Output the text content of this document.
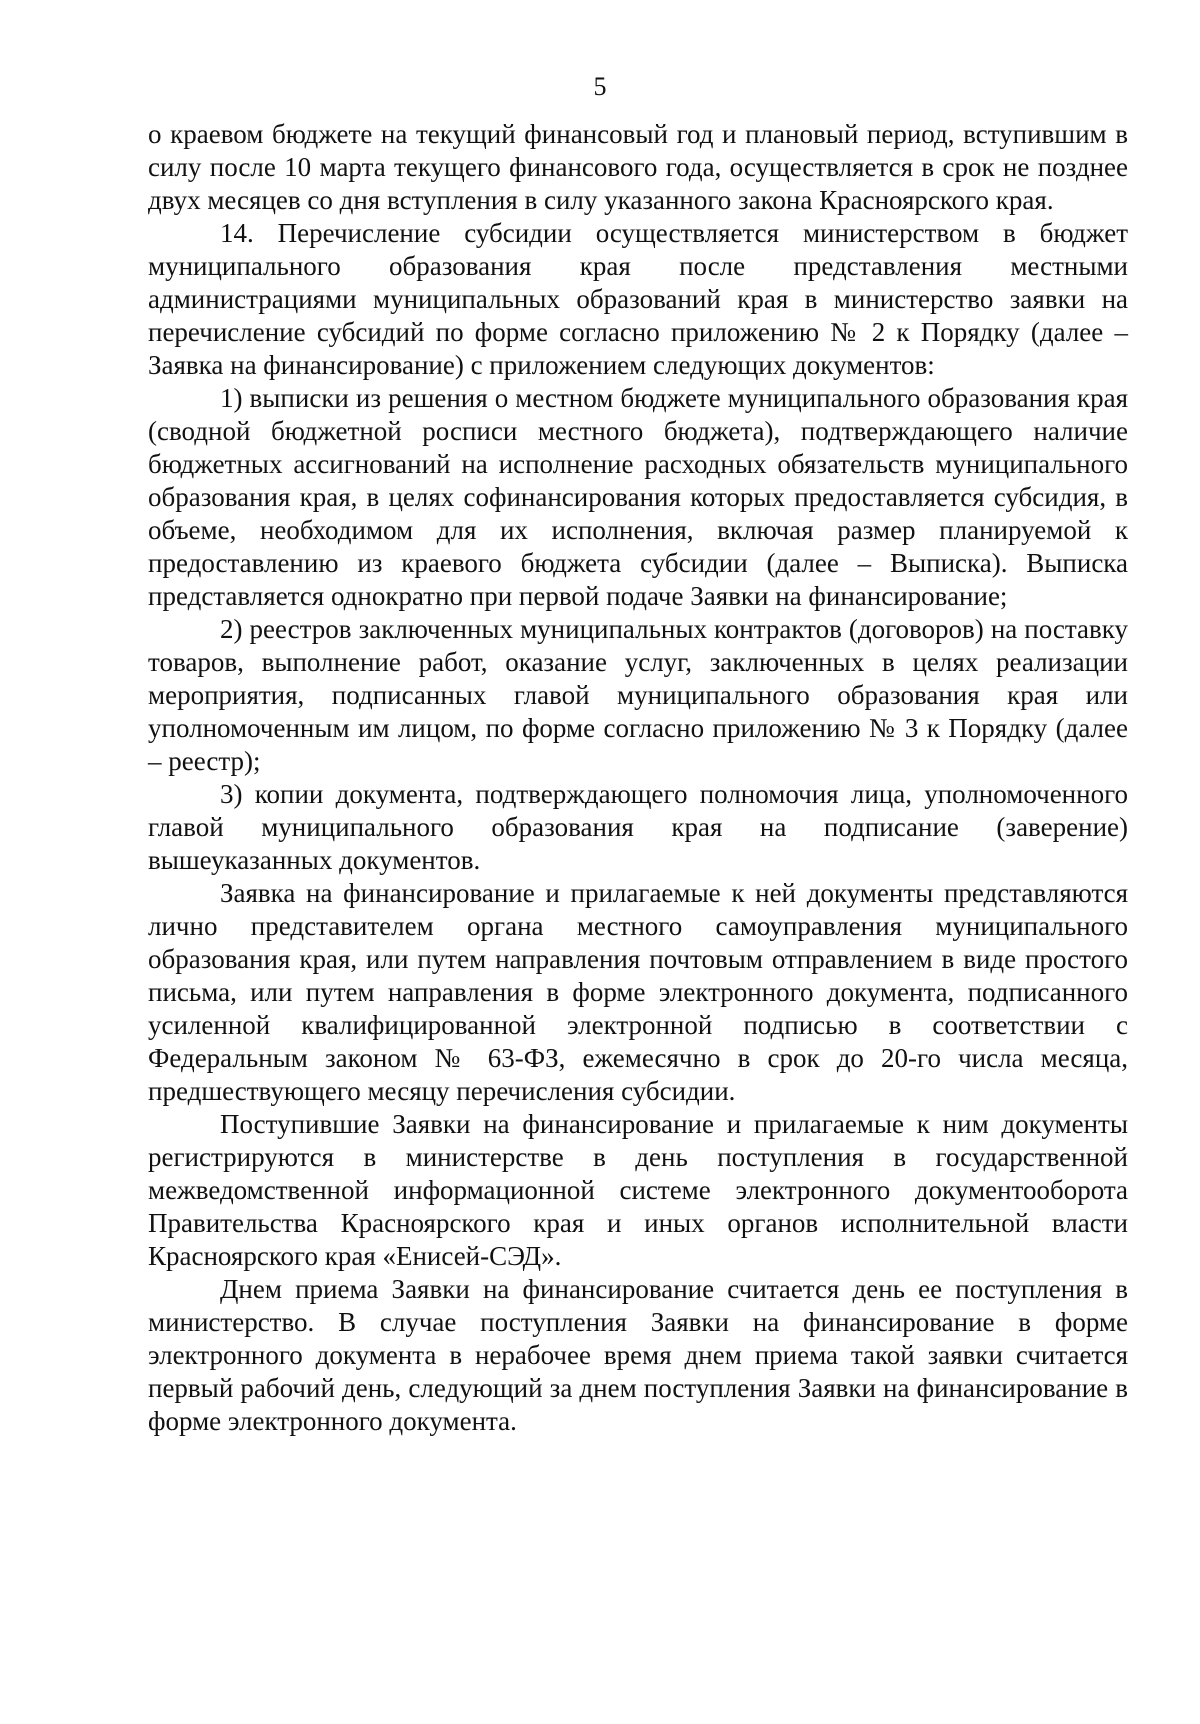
5

о краевом бюджете на текущий финансовый год и плановый период, вступившим в силу после 10 марта текущего финансового года, осуществляется в срок не позднее двух месяцев со дня вступления в силу указанного закона Красноярского края.

14. Перечисление субсидии осуществляется министерством в бюджет муниципального образования края после представления местными администрациями муниципальных образований края в министерство заявки на перечисление субсидий по форме согласно приложению № 2 к Порядку (далее – Заявка на финансирование) с приложением следующих документов:

1) выписки из решения о местном бюджете муниципального образования края (сводной бюджетной росписи местного бюджета), подтверждающего наличие бюджетных ассигнований на исполнение расходных обязательств муниципального образования края, в целях софинансирования которых предоставляется субсидия, в объеме, необходимом для их исполнения, включая размер планируемой к предоставлению из краевого бюджета субсидии (далее – Выписка). Выписка представляется однократно при первой подаче Заявки на финансирование;

2) реестров заключенных муниципальных контрактов (договоров) на поставку товаров, выполнение работ, оказание услуг, заключенных в целях реализации мероприятия, подписанных главой муниципального образования края или уполномоченным им лицом, по форме согласно приложению № 3 к Порядку (далее – реестр);

3) копии документа, подтверждающего полномочия лица, уполномоченного главой муниципального образования края на подписание (заверение) вышеуказанных документов.

Заявка на финансирование и прилагаемые к ней документы представляются лично представителем органа местного самоуправления муниципального образования края, или путем направления почтовым отправлением в виде простого письма, или путем направления в форме электронного документа, подписанного усиленной квалифицированной электронной подписью в соответствии с Федеральным законом № 63-ФЗ, ежемесячно в срок до 20-го числа месяца, предшествующего месяцу перечисления субсидии.

Поступившие Заявки на финансирование и прилагаемые к ним документы регистрируются в министерстве в день поступления в государственной межведомственной информационной системе электронного документооборота Правительства Красноярского края и иных органов исполнительной власти Красноярского края «Енисей-СЭД».

Днем приема Заявки на финансирование считается день ее поступления в министерство. В случае поступления Заявки на финансирование в форме электронного документа в нерабочее время днем приема такой заявки считается первый рабочий день, следующий за днем поступления Заявки на финансирование в форме электронного документа.
